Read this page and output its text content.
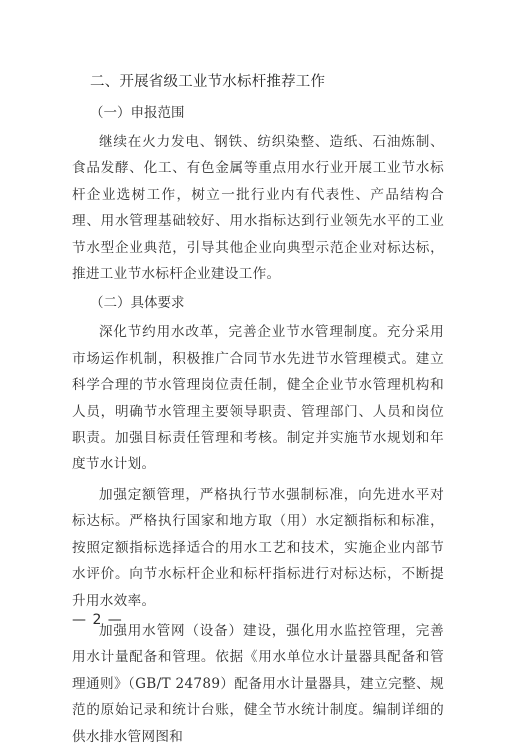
二、开展省级工业节水标杆推荐工作
（一）申报范围

继续在火力发电、钢铁、纺织染整、造纸、石油炼制、食品发酵、化工、有色金属等重点用水行业开展工业节水标杆企业选树工作，树立一批行业内有代表性、产品结构合理、用水管理基础较好、用水指标达到行业领先水平的工业节水型企业典范，引导其他企业向典型示范企业对标达标，推进工业节水标杆企业建设工作。

（二）具体要求

深化节约用水改革，完善企业节水管理制度。充分采用市场运作机制，积极推广合同节水先进节水管理模式。建立科学合理的节水管理岗位责任制，健全企业节水管理机构和人员，明确节水管理主要领导职责、管理部门、人员和岗位职责。加强目标责任管理和考核。制定并实施节水规划和年度节水计划。

加强定额管理，严格执行节水强制标准，向先进水平对标达标。严格执行国家和地方取（用）水定额指标和标准，按照定额指标选择适合的用水工艺和技术，实施企业内部节水评价。向节水标杆企业和标杆指标进行对标达标，不断提升用水效率。

加强用水管网（设备）建设，强化用水监控管理，完善用水计量配备和管理。依据《用水单位水计量器具配备和管理通则》（GB/T 24789）配备用水计量器具，建立完整、规范的原始记录和统计台账，健全节水统计制度。编制详细的供水排水管网图和

— 2 —
